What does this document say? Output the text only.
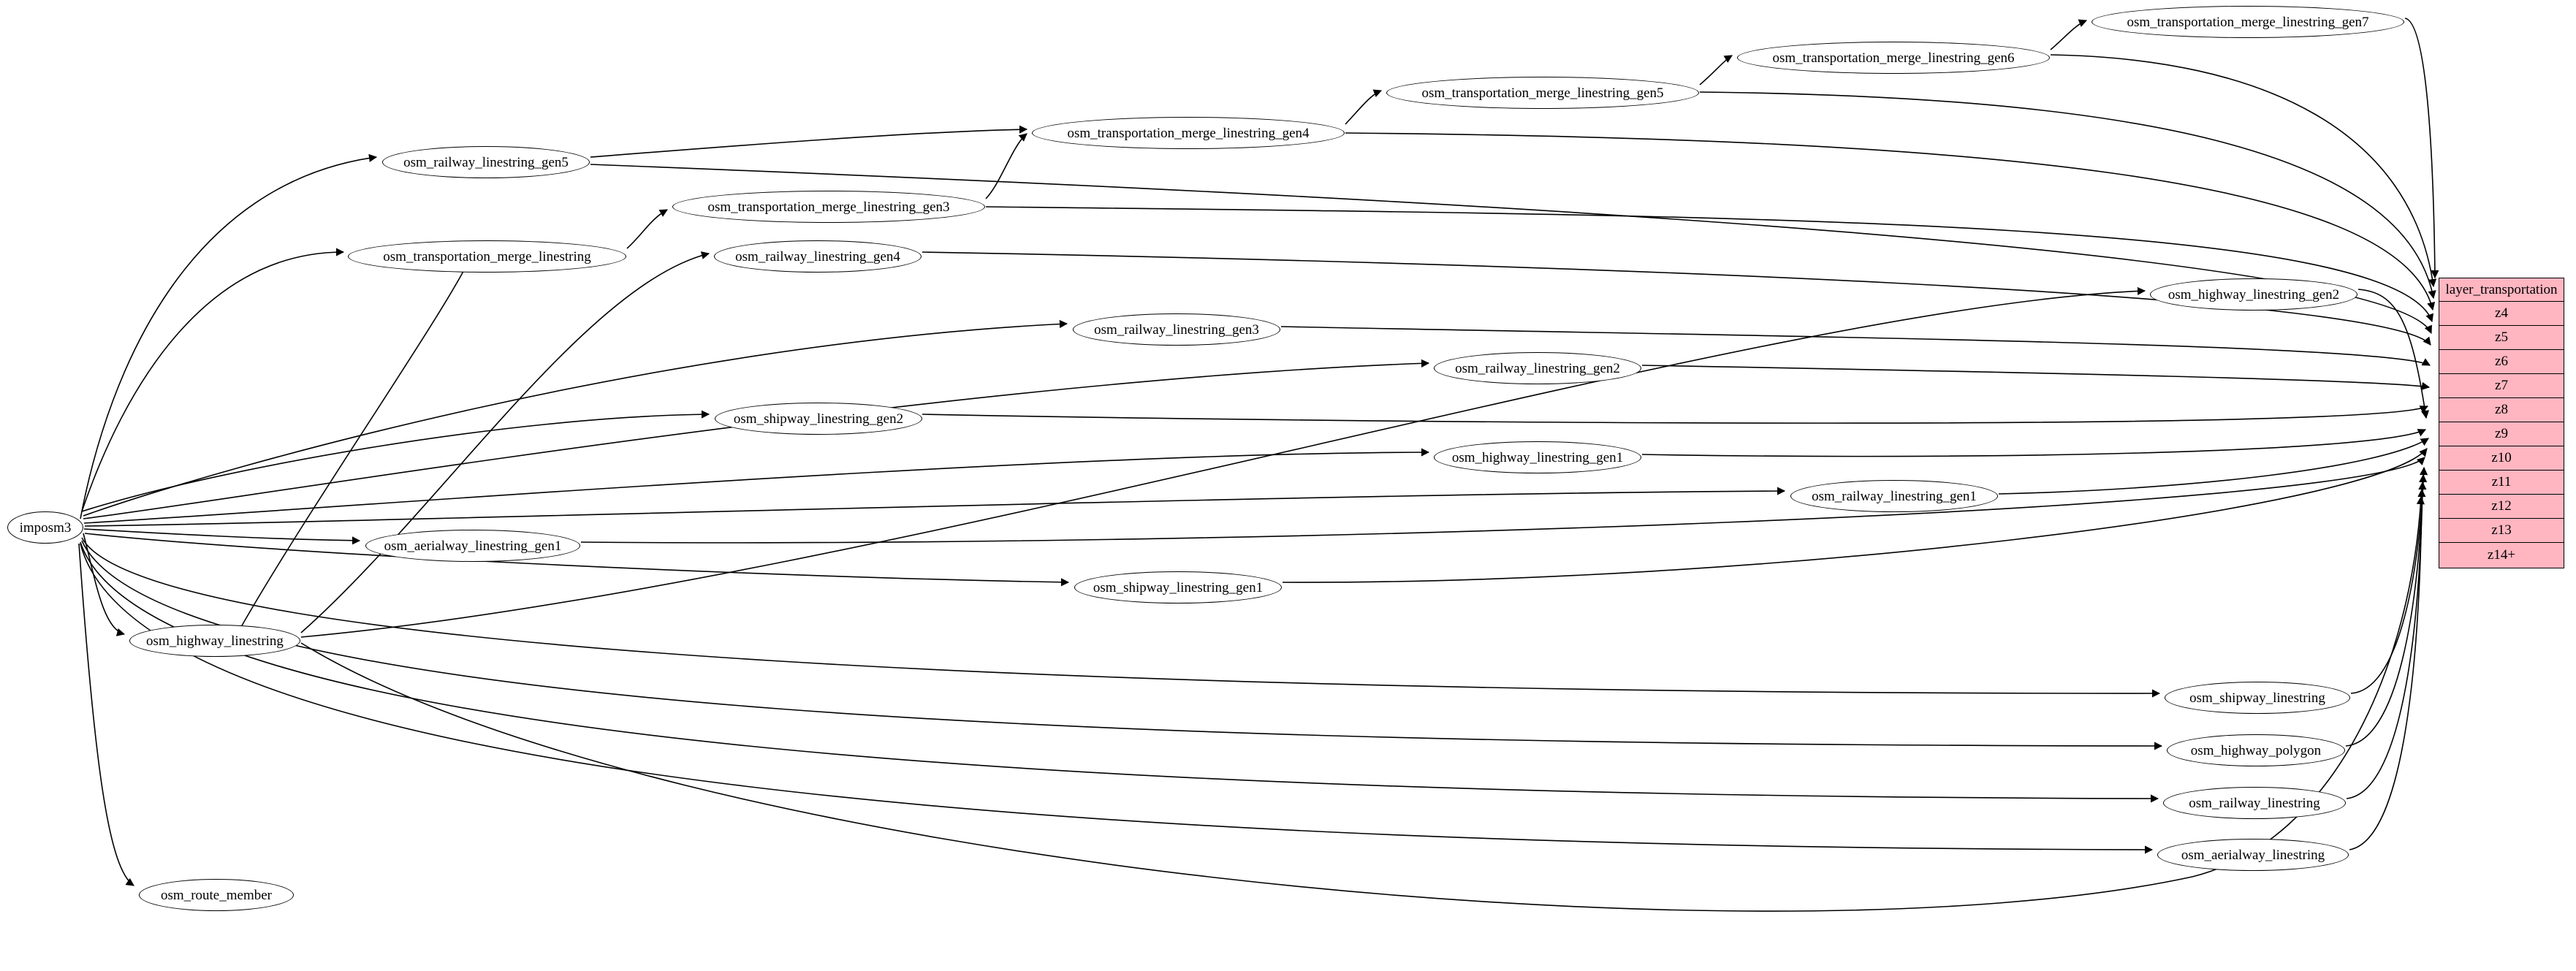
imposm3
osm_railway_linestring_gen5
osm_transportation_merge_linestring
osm_transportation_merge_linestring_gen3
osm_railway_linestring_gen4
osm_transportation_merge_linestring_gen4
osm_transportation_merge_linestring_gen5
osm_transportation_merge_linestring_gen6
osm_transportation_merge_linestring_gen7
osm_railway_linestring_gen3
osm_railway_linestring_gen2
osm_shipway_linestring_gen2
osm_highway_linestring_gen1
osm_railway_linestring_gen1
osm_highway_linestring_gen2
osm_aerialway_linestring_gen1
osm_shipway_linestring_gen1
osm_highway_linestring
osm_shipway_linestring
osm_highway_polygon
osm_railway_linestring
osm_aerialway_linestring
osm_route_member
layer_transportation
z4
z5
z6
z7
z8
z9
z10
z11
z12
z13
z14+
